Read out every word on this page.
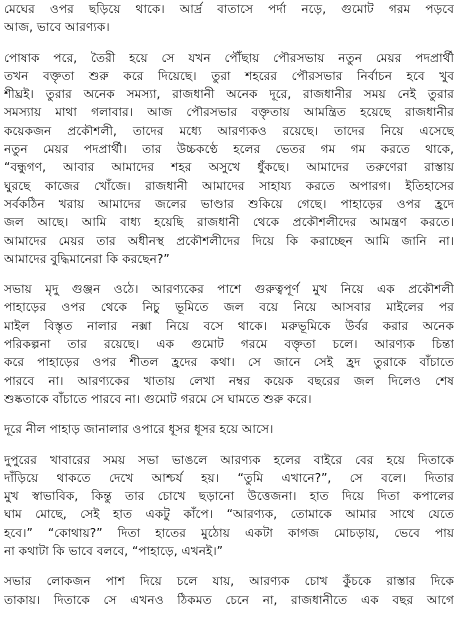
মেঘের ওপর ছড়িয়ে থাকে। আর্দ্র বাতাসে পর্দা নড়ে, গুমোট গরম পড়বে
আজ, ভাবে আরণ্যক।
পোষাক পরে, তৈরী হয়ে সে যখন পৌঁছায় পৌরসভায় নতুন মেয়র পদপ্রার্থী
তখন বক্তৃতা শুরু করে দিয়েছে। তুরা শহরের পৌরসভার নির্বাচন হবে খুব
শীঘ্রই। তুরার অনেক সমস্যা, রাজধানী অনেক দূরে, রাজধানীর সময় নেই তুরার
সমস্যায় মাথা গলাবার। আজ পৌরসভার বক্তৃতায় আমন্ত্রিত হয়েছে রাজধানীর
কয়েকজন প্রকৌশলী, তাদের মধ্যে আরণ্যকও রয়েছে। তাদের নিয়ে এসেছে
নতুন মেয়র পদপ্রার্থী। তার উচ্চকণ্ঠে হলের ভেতর গম গম করতে থাকে,
“বন্ধুগণ, আবার আমাদের শহর অসুখে ধুঁকছে। আমাদের তরুণেরা রাস্তায়
ঘুরছে কাজের খোঁজে। রাজধানী আমাদের সাহায্য করতে অপারগ। ইতিহাসের
সর্বকঠিন খরায় আমাদের জলের ভাণ্ডার শুকিয়ে গেছে। পাহাড়ের ওপর হ্রদে
জল আছে। আমি বাধ্য হয়েছি রাজধানী থেকে প্রকৌশলীদের আমন্ত্রণ করতে।
আমাদের মেয়র তার অধীনস্থ প্রকৌশলীদের দিয়ে কি করাচ্ছেন আমি জানি না।
আমাদের বুদ্ধিমানেরা কি করছেন?”
সভায় মৃদু গুঞ্জন ওঠে। আরণ্যকের পাশে গুরুত্বপূর্ণ মুখ নিয়ে এক প্রকৌশলী
পাহাড়ের ওপর থেকে নিচু ভূমিতে জল বয়ে নিয়ে আসবার মাইলের পর
মাইল বিস্তৃত নালার নক্সা নিয়ে বসে থাকে। মরুভূমিকে উর্বর করার অনেক
পরিকল্পনা তার রয়েছে। এক গুমোট গরমে বক্তৃতা চলে। আরণ্যক চিন্তা
করে পাহাড়ের ওপর শীতল হ্রদের কথা। সে জানে সেই হ্রদ তুরাকে বাঁচাতে
পারবে না। আরণ্যকের খাতায় লেখা নম্বর কয়েক বছরের জল দিলেও শেষ
শুষ্কতাকে বাঁচাতে পারবে না। গুমোট গরমে সে ঘামতে শুরু করে।
দূরে নীল পাহাড় জানালার ওপারে ধূসর ধূসর হয়ে আসে।
দুপুরের খাবারের সময় সভা ভাঙলে আরণ্যক হলের বাইরে বের হয়ে দিতাকে
দাঁড়িয়ে থাকতে দেখে আশ্চর্য হয়। “তুমি এখানে?”, সে বলে। দিতার
মুখ স্বাভাবিক, কিন্তু তার চোখে ছড়ানো উত্তেজনা। হাত দিয়ে দিতা কপালের
ঘাম মোছে, সেই হাত একটু কাঁপে। “আরণ্যক, তোমাকে আমার সাথে যেতে
হবে।” “কোথায়?” দিতা হাতের মুঠোয় একটা কাগজ মোচড়ায়, ভেবে পায়
না কথাটা কি ভাবে বলবে, “পাহাড়ে, এখনই।”
সভার লোকজন পাশ দিয়ে চলে যায়, আরণ্যক চোখ কুঁচকে রাস্তার দিকে
তাকায়। দিতাকে সে এখনও ঠিকমত চেনে না, রাজধানীতে এক বছর আগে
